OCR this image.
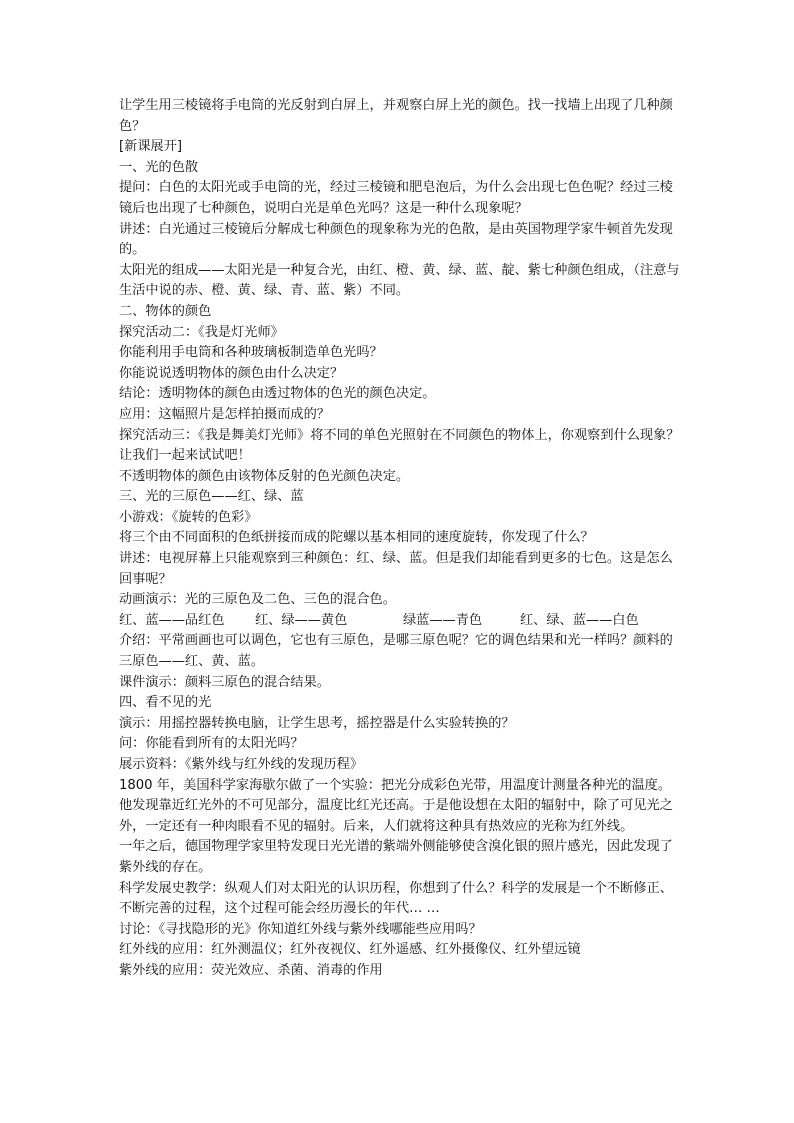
让学生用三棱镜将手电筒的光反射到白屏上，并观察白屏上光的颜色。找一找墙上出现了几种颜色？

[新课展开]

一、光的色散

提问：白色的太阳光或手电筒的光，经过三棱镜和肥皂泡后，为什么会出现七色色呢？经过三棱镜后也出现了七种颜色，说明白光是单色光吗？这是一种什么现象呢？

讲述：白光通过三棱镜后分解成七种颜色的现象称为光的色散，是由英国物理学家牛顿首先发现的。

太阳光的组成——太阳光是一种复合光，由红、橙、黄、绿、蓝、靛、紫七种颜色组成，（注意与生活中说的赤、橙、黄、绿、青、蓝、紫）不同。

二、物体的颜色

探究活动二：《我是灯光师》

你能利用手电筒和各种玻璃板制造单色光吗？

你能说说透明物体的颜色由什么决定？

结论：透明物体的颜色由透过物体的色光的颜色决定。

应用：这幅照片是怎样拍摄而成的？

探究活动三：《我是舞美灯光师》将不同的单色光照射在不同颜色的物体上，你观察到什么现象？让我们一起来试试吧！

不透明物体的颜色由该物体反射的色光颜色决定。

三、光的三原色——红、绿、蓝

小游戏：《旋转的色彩》

将三个由不同面积的色纸拼接而成的陀螺以基本相同的速度旋转，你发现了什么？

讲述：电视屏幕上只能观察到三种颜色：红、绿、蓝。但是我们却能看到更多的七色。这是怎么回事呢？

动画演示：光的三原色及二色、三色的混合色。

红、蓝——品红色	红、绿——黄色	绿蓝——青色	红、绿、蓝——白色

介绍：平常画画也可以调色，它也有三原色，是哪三原色呢？它的调色结果和光一样吗？颜料的三原色——红、黄、蓝。

课件演示：颜料三原色的混合结果。

四、看不见的光

演示：用摇控器转换电脑，让学生思考，摇控器是什么实验转换的？

问：你能看到所有的太阳光吗？

展示资料：《紫外线与红外线的发现历程》

1800 年，美国科学家海歇尔做了一个实验：把光分成彩色光带，用温度计测量各种光的温度。他发现靠近红光外的不可见部分，温度比红光还高。于是他设想在太阳的辐射中，除了可见光之外，一定还有一种肉眼看不见的辐射。后来，人们就将这种具有热效应的光称为红外线。

一年之后，德国物理学家里特发现日光光谱的紫端外侧能够使含溴化银的照片感光，因此发现了紫外线的存在。

科学发展史教学：纵观人们对太阳光的认识历程，你想到了什么？科学的发展是一个不断修正、不断完善的过程，这个过程可能会经历漫长的年代… …

讨论：《寻找隐形的光》你知道红外线与紫外线哪能些应用吗？

红外线的应用：红外测温仪；红外夜视仪、红外遥感、红外摄像仪、红外望远镜

紫外线的应用：荧光效应、杀菌、消毒的作用
